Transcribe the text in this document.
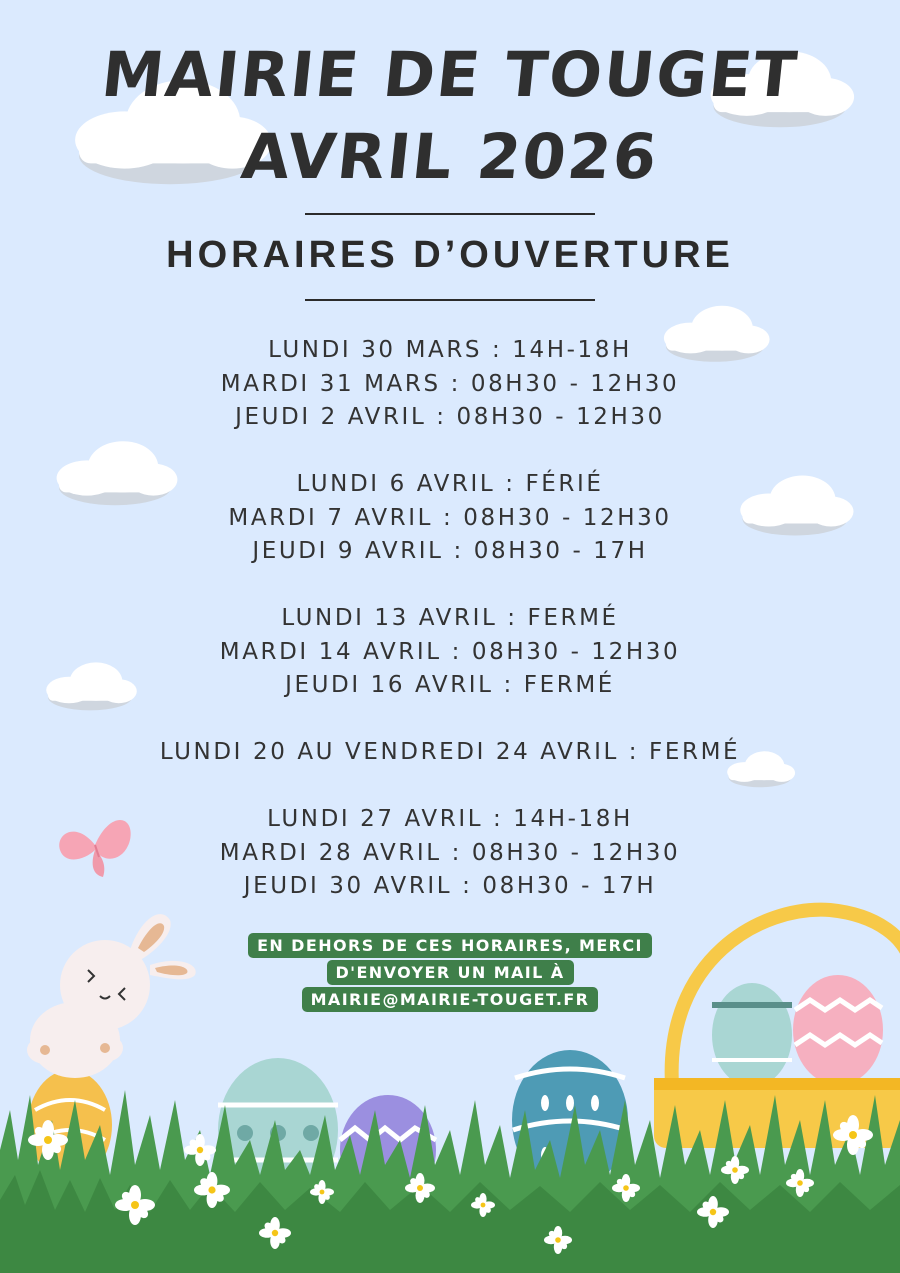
MAIRIE DE TOUGET
AVRIL 2026
HORAIRES D’OUVERTURE
LUNDI 30 MARS : 14H-18H
MARDI 31 MARS : 08H30 - 12H30
JEUDI 2 AVRIL : 08H30 - 12H30
LUNDI 6 AVRIL : FÉRIÉ
MARDI 7 AVRIL : 08H30 - 12H30
JEUDI 9 AVRIL : 08H30 - 17H
LUNDI 13 AVRIL : FERMÉ
MARDI 14 AVRIL : 08H30 - 12H30
JEUDI 16 AVRIL : FERMÉ
LUNDI 20 AU VENDREDI 24 AVRIL : FERMÉ
LUNDI 27 AVRIL : 14H-18H
MARDI 28 AVRIL : 08H30 - 12H30
JEUDI 30 AVRIL : 08H30 - 17H
EN DEHORS DE CES HORAIRES, MERCI
D'ENVOYER UN MAIL À
MAIRIE@MAIRIE-TOUGET.FR
